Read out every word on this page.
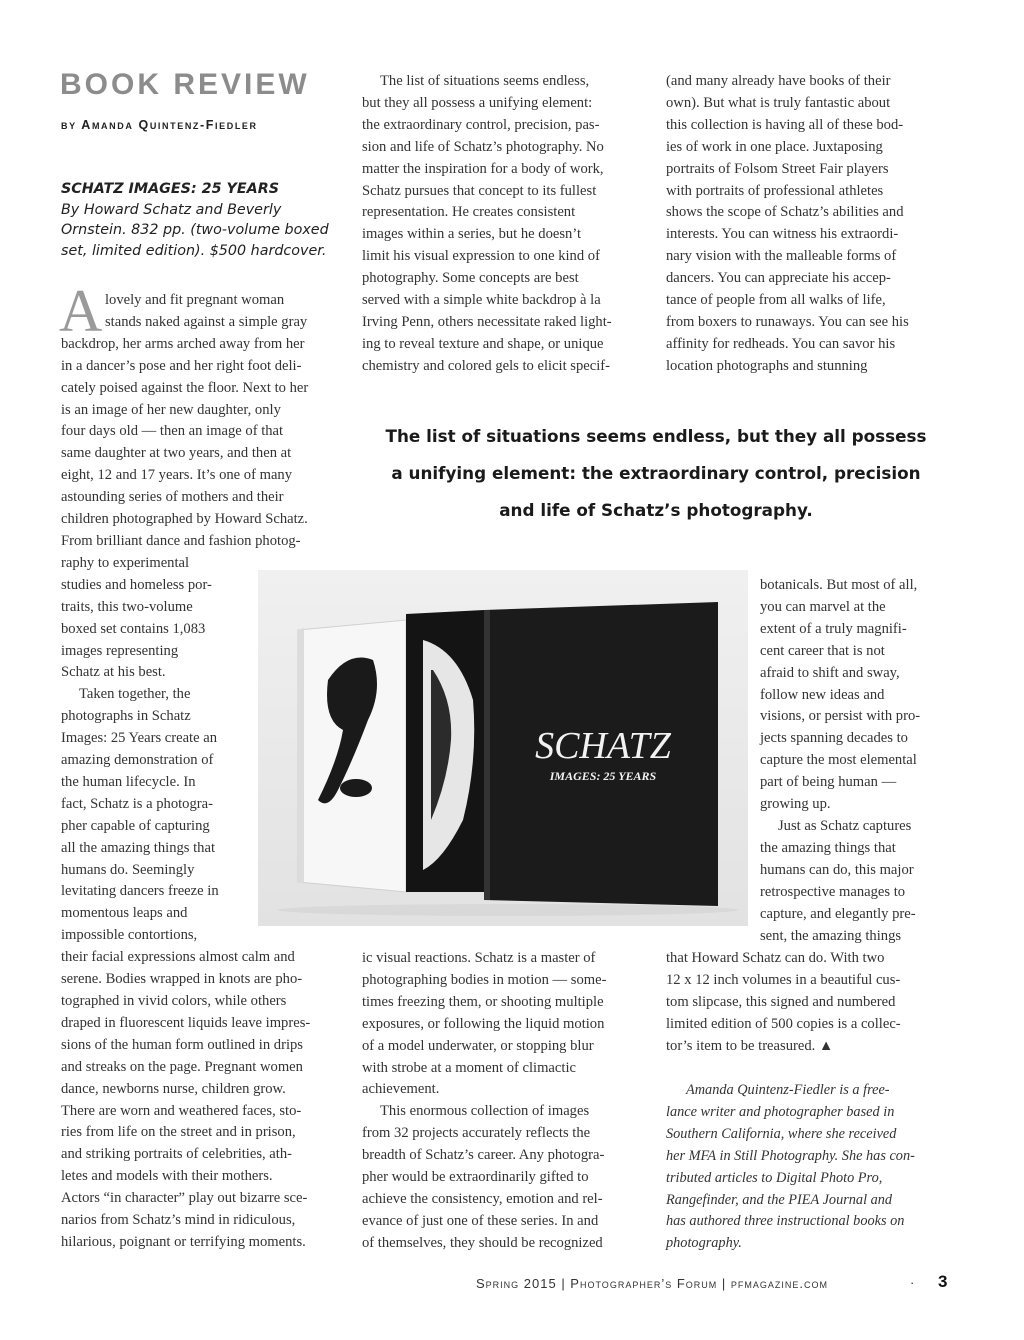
BOOK REVIEW
by Amanda Quintenz-Fiedler
SCHATZ IMAGES: 25 YEARS
By Howard Schatz and Beverly
Ornstein. 832 pp. (two-volume boxed
set, limited edition). $500 hardcover.
A lovely and fit pregnant woman
stands naked against a simple gray
backdrop, her arms arched away from her
in a dancer’s pose and her right foot deli-
cately poised against the floor. Next to her
is an image of her new daughter, only
four days old — then an image of that
same daughter at two years, and then at
eight, 12 and 17 years. It’s one of many
astounding series of mothers and their
children photographed by Howard Schatz.
From brilliant dance and fashion photog-
raphy to experimental
studies and homeless por-
traits, this two-volume
boxed set contains 1,083
images representing
Schatz at his best.
Taken together, the
photographs in Schatz
Images: 25 Years create an
amazing demonstration of
the human lifecycle. In
fact, Schatz is a photogra-
pher capable of capturing
all the amazing things that
humans do. Seemingly
levitating dancers freeze in
momentous leaps and
impossible contortions,
their facial expressions almost calm and
serene. Bodies wrapped in knots are pho-
tographed in vivid colors, while others
draped in fluorescent liquids leave impres-
sions of the human form outlined in drips
and streaks on the page. Pregnant women
dance, newborns nurse, children grow.
There are worn and weathered faces, sto-
ries from life on the street and in prison,
and striking portraits of celebrities, ath-
letes and models with their mothers.
Actors “in character” play out bizarre sce-
narios from Schatz’s mind in ridiculous,
hilarious, poignant or terrifying moments.
The list of situations seems endless,
but they all possess a unifying element:
the extraordinary control, precision, pas-
sion and life of Schatz’s photography. No
matter the inspiration for a body of work,
Schatz pursues that concept to its fullest
representation. He creates consistent
images within a series, but he doesn’t
limit his visual expression to one kind of
photography. Some concepts are best
served with a simple white backdrop à la
Irving Penn, others necessitate raked light-
ing to reveal texture and shape, or unique
chemistry and colored gels to elicit specif-
(and many already have books of their
own). But what is truly fantastic about
this collection is having all of these bod-
ies of work in one place. Juxtaposing
portraits of Folsom Street Fair players
with portraits of professional athletes
shows the scope of Schatz’s abilities and
interests. You can witness his extraordi-
nary vision with the malleable forms of
dancers. You can appreciate his accep-
tance of people from all walks of life,
from boxers to runaways. You can see his
affinity for redheads. You can savor his
location photographs and stunning
The list of situations seems endless, but they all possess
a unifying element: the extraordinary control, precision
and life of Schatz’s photography.
SCHATZ
IMAGES: 25 YEARS
botanicals. But most of all,
you can marvel at the
extent of a truly magnifi-
cent career that is not
afraid to shift and sway,
follow new ideas and
visions, or persist with pro-
jects spanning decades to
capture the most elemental
part of being human —
growing up.
Just as Schatz captures
the amazing things that
humans can do, this major
retrospective manages to
capture, and elegantly pre-
sent, the amazing things
ic visual reactions. Schatz is a master of
photographing bodies in motion — some-
times freezing them, or shooting multiple
exposures, or following the liquid motion
of a model underwater, or stopping blur
with strobe at a moment of climactic
achievement.
This enormous collection of images
from 32 projects accurately reflects the
breadth of Schatz’s career. Any photogra-
pher would be extraordinarily gifted to
achieve the consistency, emotion and rel-
evance of just one of these series. In and
of themselves, they should be recognized
that Howard Schatz can do. With two
12 x 12 inch volumes in a beautiful cus-
tom slipcase, this signed and numbered
limited edition of 500 copies is a collec-
tor’s item to be treasured. ▲
Amanda Quintenz-Fiedler is a free-
lance writer and photographer based in
Southern California, where she received
her MFA in Still Photography. She has con-
tributed articles to Digital Photo Pro,
Rangefinder, and the PIEA Journal and
has authored three instructional books on
photography.
Spring 2015 | Photographer’s Forum | pfmagazine.com	· 3
